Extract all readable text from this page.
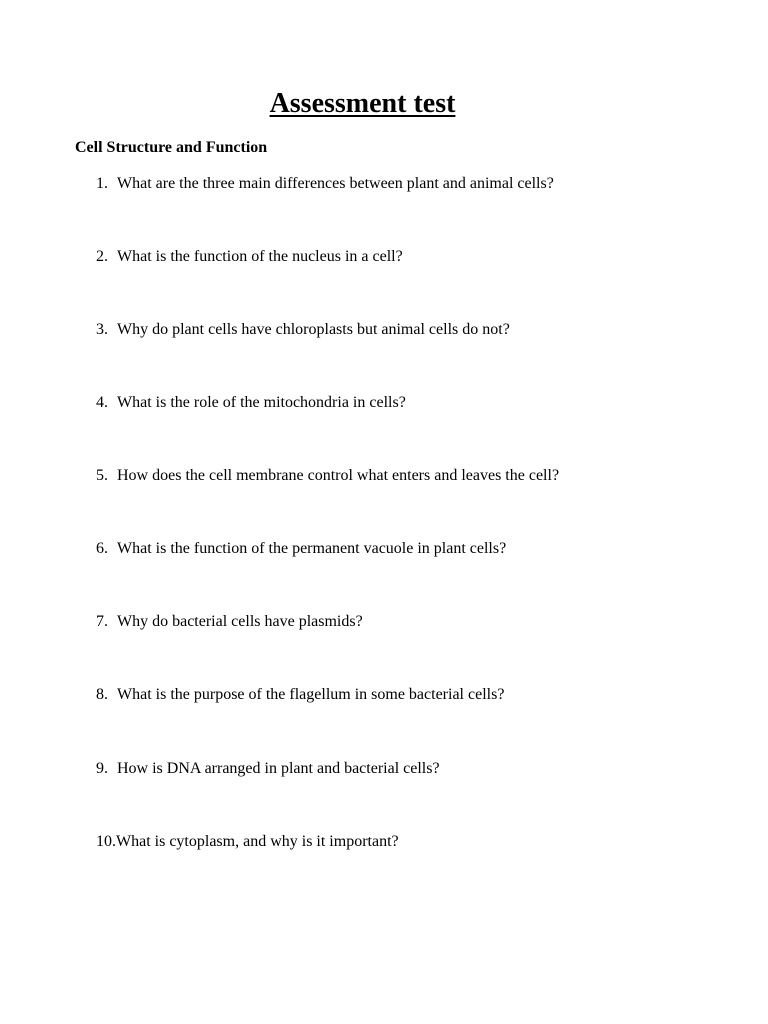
Assessment test
Cell Structure and Function
1. What are the three main differences between plant and animal cells?
2. What is the function of the nucleus in a cell?
3. Why do plant cells have chloroplasts but animal cells do not?
4. What is the role of the mitochondria in cells?
5. How does the cell membrane control what enters and leaves the cell?
6. What is the function of the permanent vacuole in plant cells?
7. Why do bacterial cells have plasmids?
8. What is the purpose of the flagellum in some bacterial cells?
9. How is DNA arranged in plant and bacterial cells?
10.What is cytoplasm, and why is it important?
